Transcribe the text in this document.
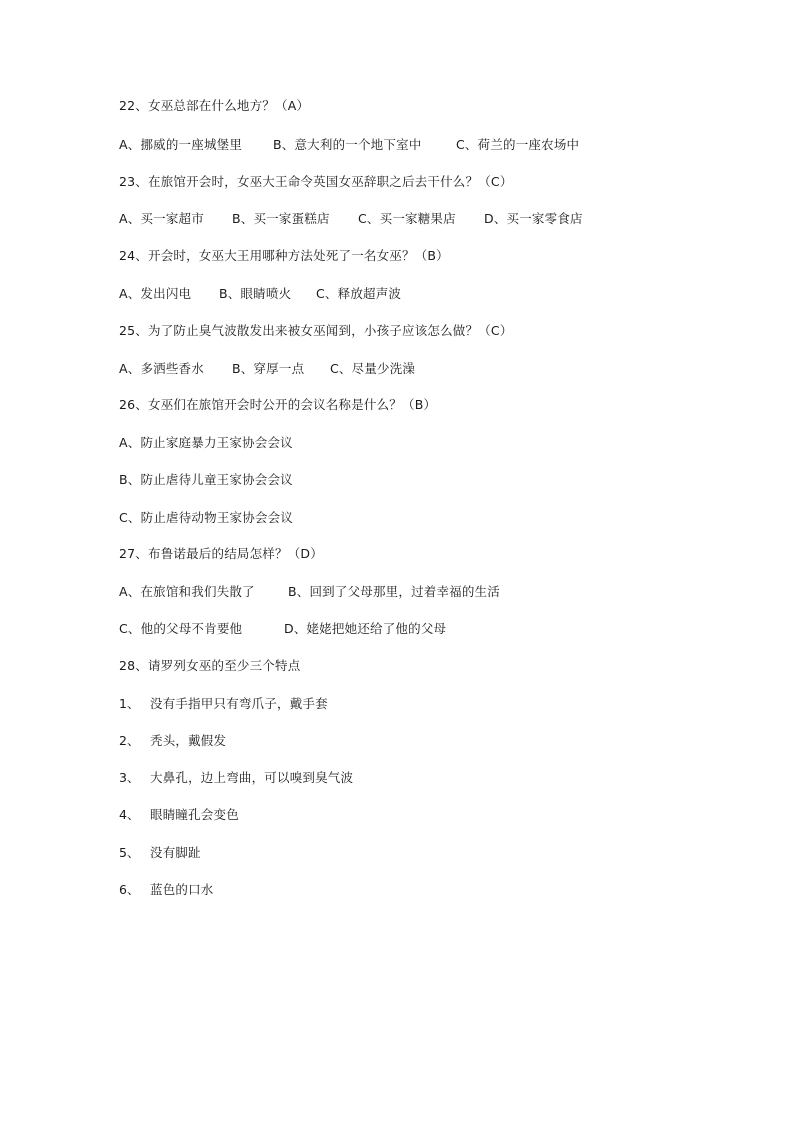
22、女巫总部在什么地方？（A）
A、挪威的一座城堡里 B、意大利的一个地下室中	C、荷兰的一座农场中
23、在旅馆开会时，女巫大王命令英国女巫辞职之后去干什么？（C）
A、买一家超市 B、买一家蛋糕店 C、买一家糖果店 D、买一家零食店
24、开会时，女巫大王用哪种方法处死了一名女巫？（B）
A、发出闪电 B、眼睛喷火 C、释放超声波
25、为了防止臭气波散发出来被女巫闻到，小孩子应该怎么做？（C）
A、多洒些香水 B、穿厚一点 C、尽量少洗澡
26、女巫们在旅馆开会时公开的会议名称是什么？（B）
A、防止家庭暴力王家协会会议
B、防止虐待儿童王家协会会议
C、防止虐待动物王家协会会议
27、布鲁诺最后的结局怎样？（D）
A、在旅馆和我们失散了	B、回到了父母那里，过着幸福的生活
C、他的父母不肯要他	D、姥姥把她还给了他的父母
28、请罗列女巫的至少三个特点
1、 没有手指甲只有弯爪子，戴手套
2、 秃头，戴假发
3、 大鼻孔，边上弯曲，可以嗅到臭气波
4、 眼睛瞳孔会变色
5、 没有脚趾
6、 蓝色的口水
